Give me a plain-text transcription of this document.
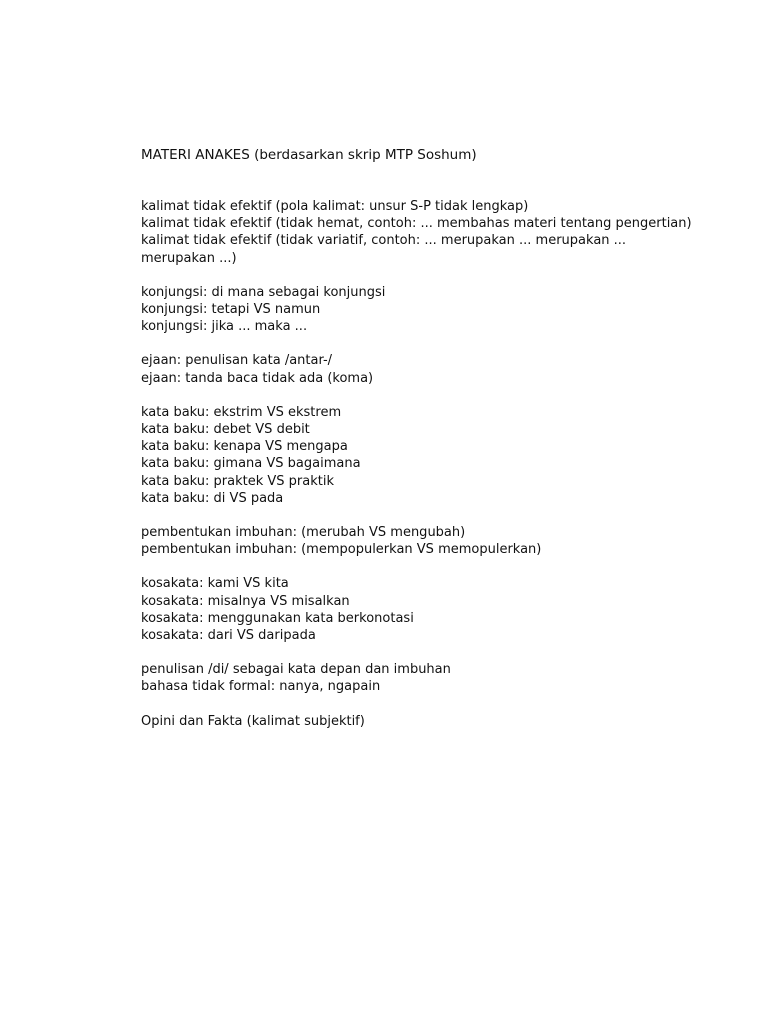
MATERI ANAKES (berdasarkan skrip MTP Soshum)
kalimat tidak efektif (pola kalimat: unsur S-P tidak lengkap)
kalimat tidak efektif (tidak hemat, contoh: ... membahas materi tentang pengertian)
kalimat tidak efektif (tidak variatif, contoh: ... merupakan ... merupakan ...
merupakan ...)
konjungsi: di mana sebagai konjungsi
konjungsi: tetapi VS namun
konjungsi: jika ... maka ...
ejaan: penulisan kata /antar-/
ejaan: tanda baca tidak ada (koma)
kata baku: ekstrim VS ekstrem
kata baku: debet VS debit
kata baku: kenapa VS mengapa
kata baku: gimana VS bagaimana
kata baku: praktek VS praktik
kata baku: di VS pada
pembentukan imbuhan: (merubah VS mengubah)
pembentukan imbuhan: (mempopulerkan VS memopulerkan)
kosakata: kami VS kita
kosakata: misalnya VS misalkan
kosakata: menggunakan kata berkonotasi
kosakata: dari VS daripada
penulisan /di/ sebagai kata depan dan imbuhan
bahasa tidak formal: nanya, ngapain
Opini dan Fakta (kalimat subjektif)
